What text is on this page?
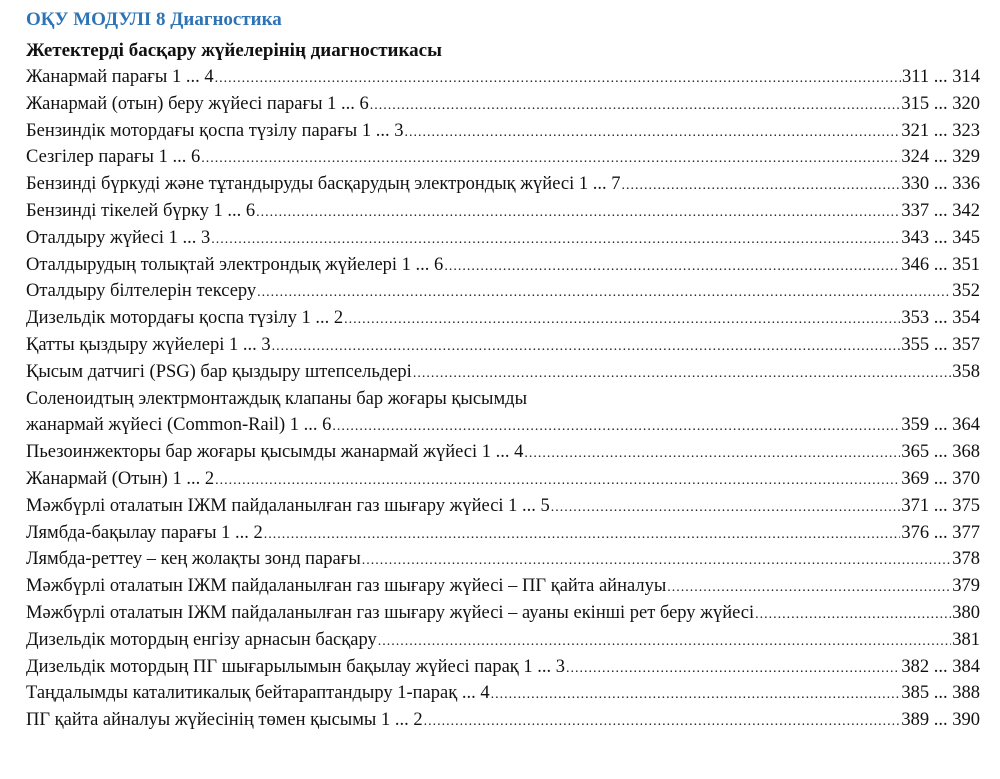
ОҚУ МОДУЛІ 8 Диагностика
Жетектерді басқару жүйелерінің диагностикасы
Жанармай парағы 1 ... 4 .....	311 ... 314
Жанармай (отын) беру жүйесі парағы 1 ... 6 .....	315 ... 320
Бензиндік мотордағы қоспа түзілу парағы 1 ... 3 .....	321 ... 323
Сезгілер парағы 1 ... 6 .....	324 ... 329
Бензинді бүркуді және тұтандыруды басқарудың электрондық жүйесі 1 ... 7 .....	330 ... 336
Бензинді тікелей бүрку 1 ... 6 .....	337 ... 342
Оталдыру жүйесі 1 ... 3 .....	343 ... 345
Оталдырудың толықтай электрондық жүйелері 1 ... 6 .....	346 ... 351
Оталдыру білтелерін тексеру .....	352
Дизельдік мотордағы қоспа түзілу 1 ... 2 .....	353 ... 354
Қатты қыздыру жүйелері 1 ... 3 .....	355 ... 357
Қысым датчигі (PSG) бар қыздыру штепсельдері .....	358
Соленоидтың электрмонтаждық клапаны бар жоғары қысымды
жанармай жүйесі (Common-Rail) 1 ... 6 .....	359 ... 364
Пьезоинжекторы бар жоғары қысымды жанармай жүйесі 1 ... 4 .....	365 ... 368
Жанармай (Отын) 1 ... 2 .....	369 ... 370
Мәжбүрлі оталатын ІЖМ пайдаланылған газ шығару жүйесі 1 ... 5 .....	371 ... 375
Лямбда-бақылау парағы 1 ... 2 .....	376 ... 377
Лямбда-реттеу – кең жолақты зонд парағы .....	378
Мәжбүрлі оталатын ІЖМ пайдаланылған газ шығару жүйесі – ПГ қайта айналуы .....	379
Мәжбүрлі оталатын ІЖМ пайдаланылған газ шығару жүйесі – ауаны екінші рет беру жүйесі .....	380
Дизельдік мотордың енгізу арнасын басқару .....	381
Дизельдік мотордың ПГ шығарылымын бақылау жүйесі парақ 1 ... 3 .....	382 ... 384
Таңдалымды каталитикалық бейтараптандыру 1-парақ ... 4 .....	385 ... 388
ПГ қайта айналуы жүйесінің төмен қысымы 1 ... 2 .....	389 ... 390
